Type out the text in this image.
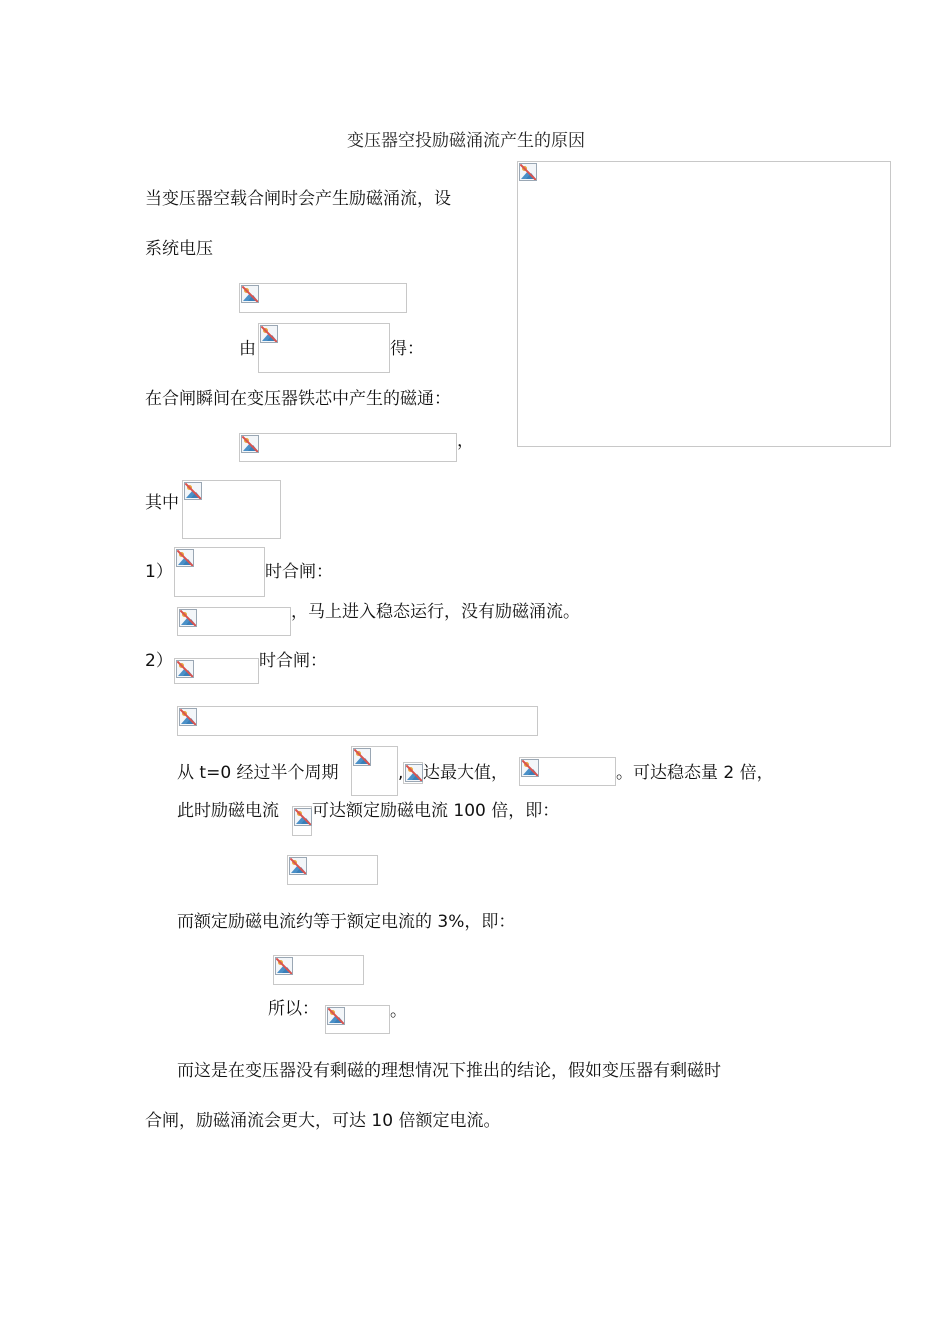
变压器空投励磁涌流产生的原因
当变压器空载合闸时会产生励磁涌流，设
系统电压
由	得：
在合闸瞬间在变压器铁芯中产生的磁通：
，
其中
1）	时合闸：
，马上进入稳态运行，没有励磁涌流。
2）	时合闸：
从 t=0 经过半个周期	, 达最大值，	。可达稳态量 2 倍，
此时励磁电流 可达额定励磁电流 100 倍，即：
而额定励磁电流约等于额定电流的 3%，即：
所以：	。
而这是在变压器没有剩磁的理想情况下推出的结论，假如变压器有剩磁时
合闸，励磁涌流会更大，可达 10 倍额定电流。
